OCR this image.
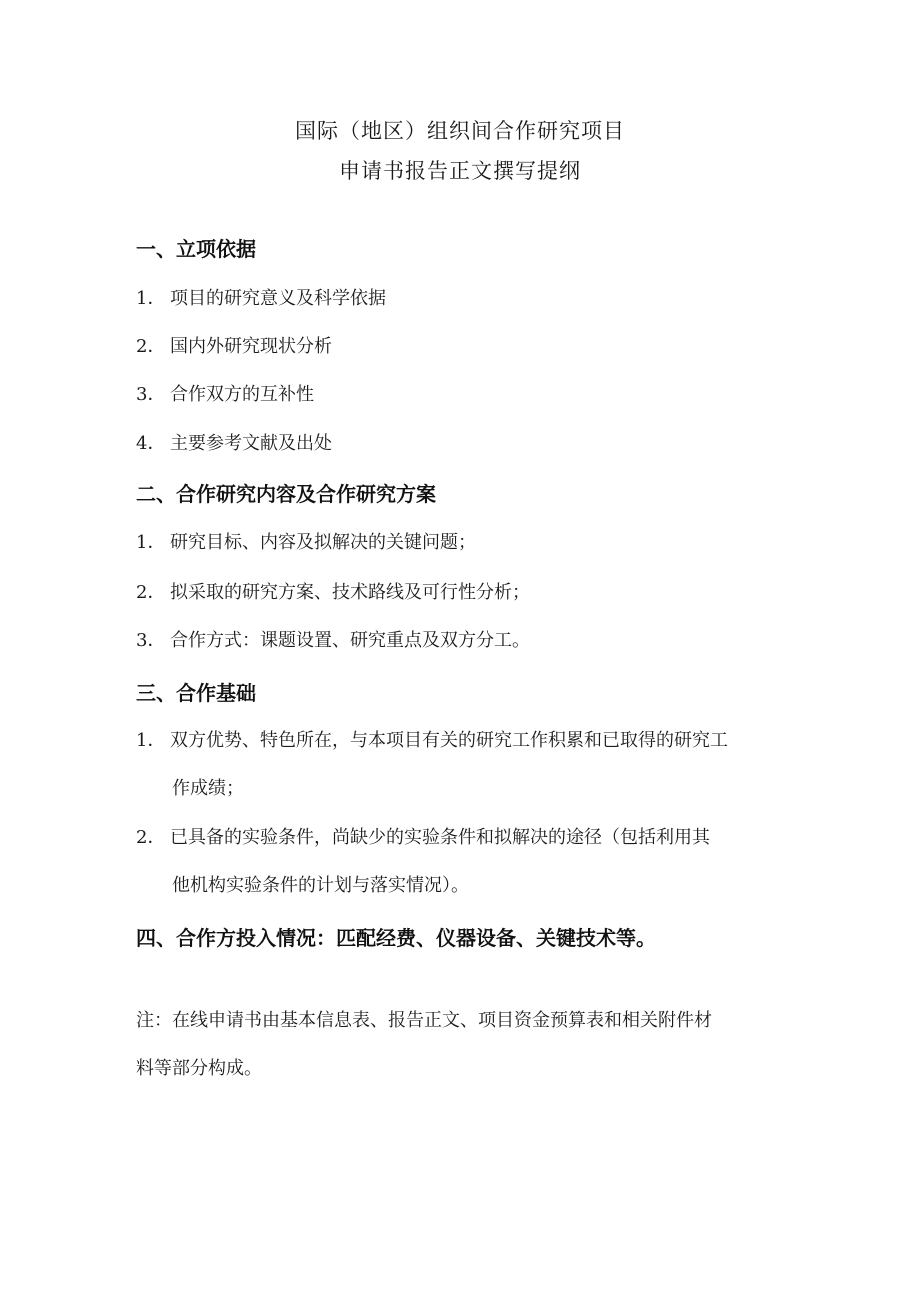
国际（地区）组织间合作研究项目
申请书报告正文撰写提纲
一、立项依据
1． 项目的研究意义及科学依据
2． 国内外研究现状分析
3． 合作双方的互补性
4． 主要参考文献及出处
二、合作研究内容及合作研究方案
1． 研究目标、内容及拟解决的关键问题；
2． 拟采取的研究方案、技术路线及可行性分析；
3． 合作方式：课题设置、研究重点及双方分工。
三、合作基础
1． 双方优势、特色所在，与本项目有关的研究工作积累和已取得的研究工
作成绩；
2． 已具备的实验条件，尚缺少的实验条件和拟解决的途径（包括利用其
他机构实验条件的计划与落实情况）。
四、合作方投入情况：匹配经费、仪器设备、关键技术等。
注：在线申请书由基本信息表、报告正文、项目资金预算表和相关附件材
料等部分构成。
